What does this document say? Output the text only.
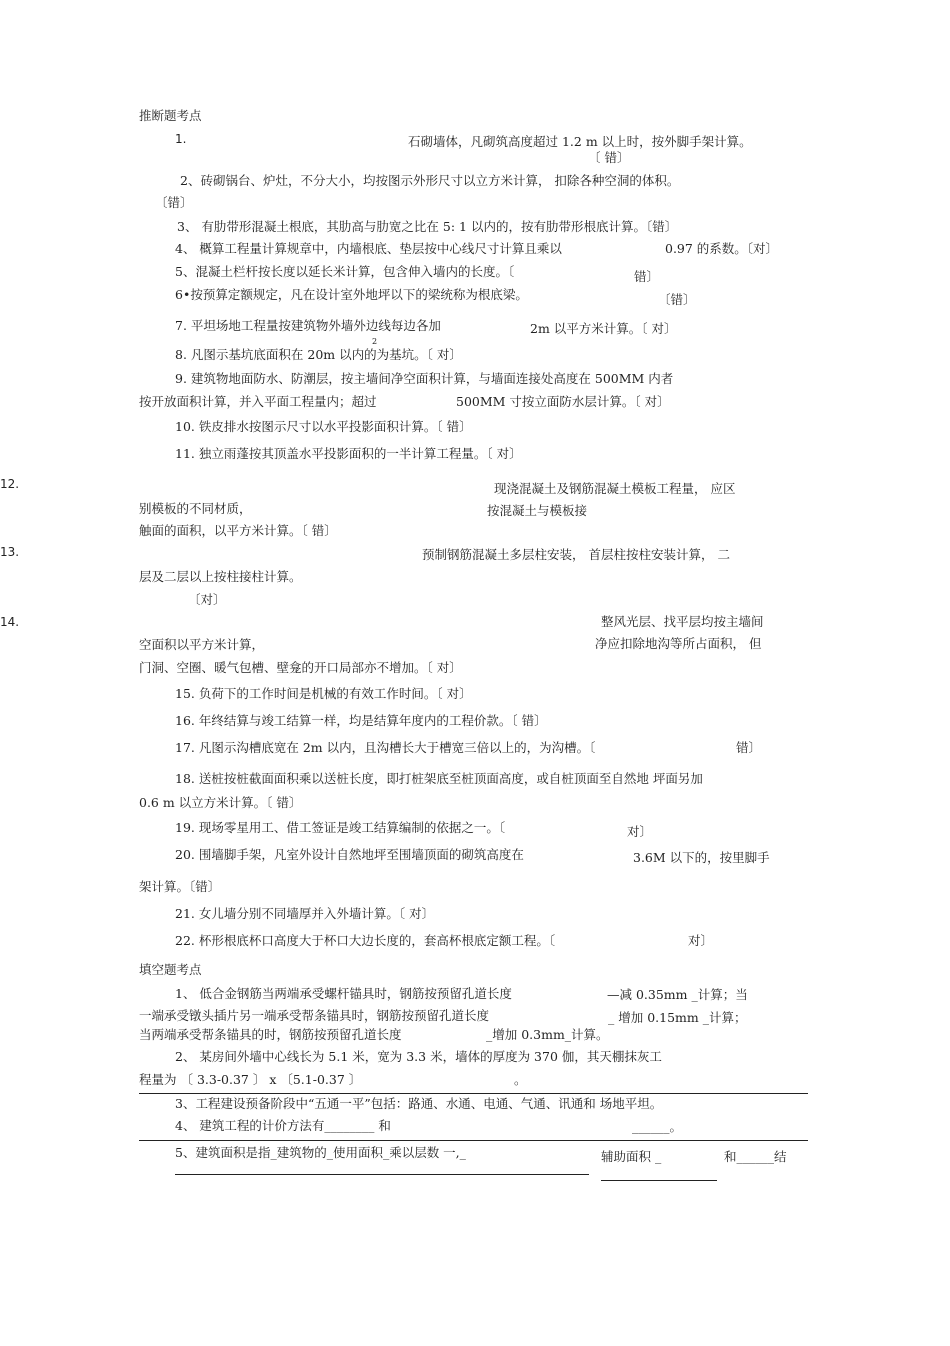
推断题考点
1.	石砌墙体，凡砌筑高度超过 1.2 m 以上时，按外脚手架计算。
〔 错〕
2、砖砌锅台、炉灶，不分大小，均按图示外形尺寸以立方米计算， 扣除各种空洞的体积。
〔错〕
3、 有肋带形混凝土根底，其肋高与肋宽之比在 5: 1 以内的，按有肋带形根底计算。〔错〕
4、 概算工程量计算规章中，内墙根底、垫层按中心线尺寸计算且乘以	0.97 的系数。〔对〕
5、混凝土栏杆按长度以延长米计算，包含伸入墙内的长度。〔	错〕
6•按预算定额规定，凡在设计室外地坪以下的梁统称为根底梁。	〔错〕
7. 平坦场地工程量按建筑物外墙外边线每边各加	2m 以平方米计算。〔 对〕
2
8. 凡图示基坑底面积在 20m 以内的为基坑。〔 对〕
9. 建筑物地面防水、防潮层，按主墙间净空面积计算，与墙面连接处高度在 500MM 内者
按开放面积计算，并入平面工程量内；超过	500MM 寸按立面防水层计算。〔 对〕
10. 铁皮排水按图示尺寸以水平投影面积计算。〔 错〕
11. 独立雨蓬按其顶盖水平投影面积的一半计算工程量。〔 对〕
12.	现浇混凝土及钢筋混凝土模板工程量， 应区
别模板的不同材质，	按混凝土与模板接
触面的面积，以平方米计算。〔 错〕
13.	预制钢筋混凝土多层柱安装， 首层柱按柱安装计算， 二
层及二层以上按柱接柱计算。
〔对〕
14.	整风光层、找平层均按主墙间
空面积以平方米计算，	净应扣除地沟等所占面积， 但
门洞、空圈、暖气包槽、壁龛的开口局部亦不增加。〔 对〕
15. 负荷下的工作时间是机械的有效工作时间。〔 对〕
16. 年终结算与竣工结算一样，均是结算年度内的工程价款。〔 错〕
17. 凡图示沟槽底宽在 2m 以内，且沟槽长大于槽宽三倍以上的，为沟槽。〔	错〕
18. 送桩按桩截面面积乘以送桩长度，即打桩架底至桩顶面高度，或自桩顶面至自然地 坪面另加
0.6 m 以立方米计算。〔 错〕
19. 现场零星用工、借工签证是竣工结算编制的依据之一。〔	对〕
20. 围墙脚手架，凡室外设计自然地坪至围墙顶面的砌筑高度在	3.6M 以下的，按里脚手
架计算。〔错〕
21. 女儿墙分别不同墙厚并入外墙计算。〔 对〕
22. 杯形根底杯口高度大于杯口大边长度的，套高杯根底定额工程。〔	对〕
填空题考点
1、 低合金钢筋当两端承受螺杆锚具时，钢筋按预留孔道长度	—减 0.35mm _计算；当
一端承受镦头插片另一端承受帮条锚具时，钢筋按预留孔道长度	_ 增加 0.15mm _计算；
当两端承受帮条锚具的时，钢筋按预留孔道长度	_增加 0.3mm_计算。
2、 某房间外墙中心线长为 5.1 米，宽为 3.3 米，墙体的厚度为 370 伽，其天棚抹灰工
程量为 〔 3.3-0.37 〕 x 〔5.1-0.37 〕	。
3、工程建设预备阶段中“五通一平”包括：路通、水通、电通、气通、讯通和 场地平坦。
4、 建筑工程的计价方法有________ 和	______。
5、建筑面积是指_建筑物的_使用面积_乘以层数 一,_	辅助面积 _	和______结
